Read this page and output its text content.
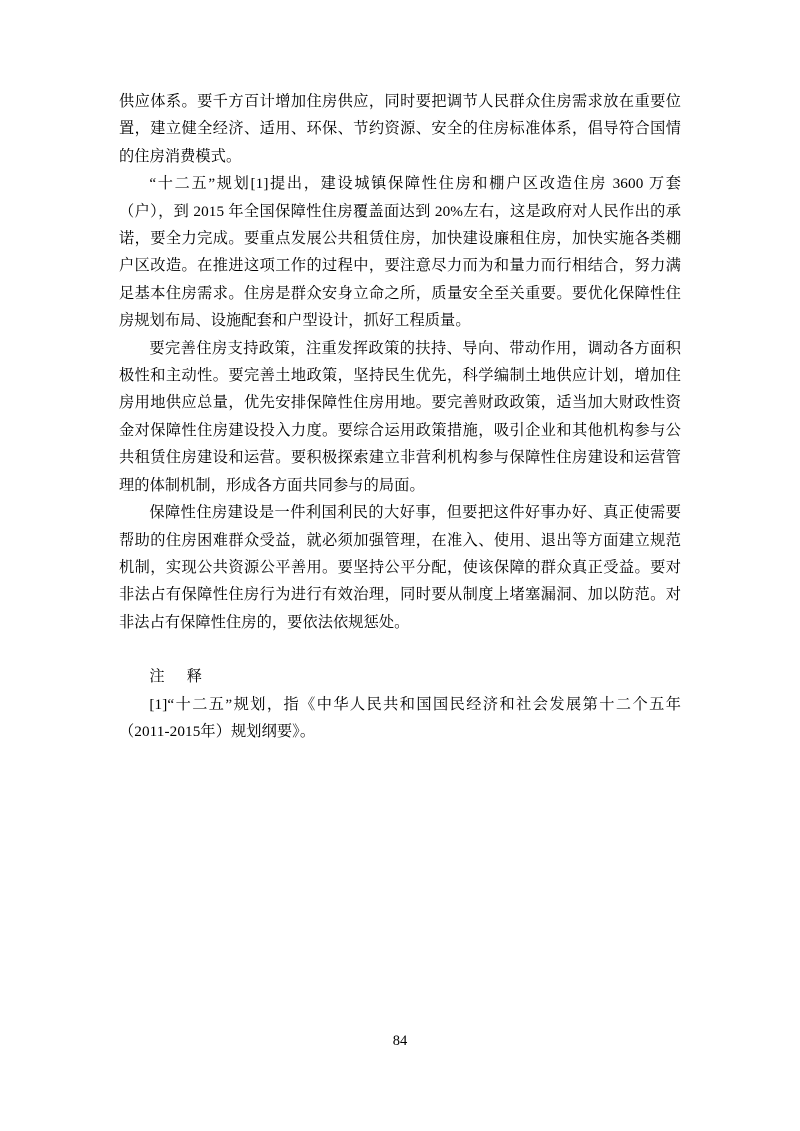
供应体系。要千方百计增加住房供应，同时要把调节人民群众住房需求放在重要位置，建立健全经济、适用、环保、节约资源、安全的住房标准体系，倡导符合国情的住房消费模式。

“十二五”规划[1]提出，建设城镇保障性住房和棚户区改造住房 3600 万套（户），到 2015 年全国保障性住房覆盖面达到 20%左右，这是政府对人民作出的承诺，要全力完成。要重点发展公共租赁住房，加快建设廉租住房，加快实施各类棚户区改造。在推进这项工作的过程中，要注意尽力而为和量力而行相结合，努力满足基本住房需求。住房是群众安身立命之所，质量安全至关重要。要优化保障性住房规划布局、设施配套和户型设计，抓好工程质量。

要完善住房支持政策，注重发挥政策的扶持、导向、带动作用，调动各方面积极性和主动性。要完善土地政策，坚持民生优先，科学编制土地供应计划，增加住房用地供应总量，优先安排保障性住房用地。要完善财政政策，适当加大财政性资金对保障性住房建设投入力度。要综合运用政策措施，吸引企业和其他机构参与公共租赁住房建设和运营。要积极探索建立非营利机构参与保障性住房建设和运营管理的体制机制，形成各方面共同参与的局面。

保障性住房建设是一件利国利民的大好事，但要把这件好事办好、真正使需要帮助的住房困难群众受益，就必须加强管理，在准入、使用、退出等方面建立规范机制，实现公共资源公平善用。要坚持公平分配，使该保障的群众真正受益。要对非法占有保障性住房行为进行有效治理，同时要从制度上堵塞漏洞、加以防范。对非法占有保障性住房的，要依法依规惩处。

注 释

[1]“十二五”规划，指《中华人民共和国国民经济和社会发展第十二个五年（2011-2015年）规划纲要》。

84
